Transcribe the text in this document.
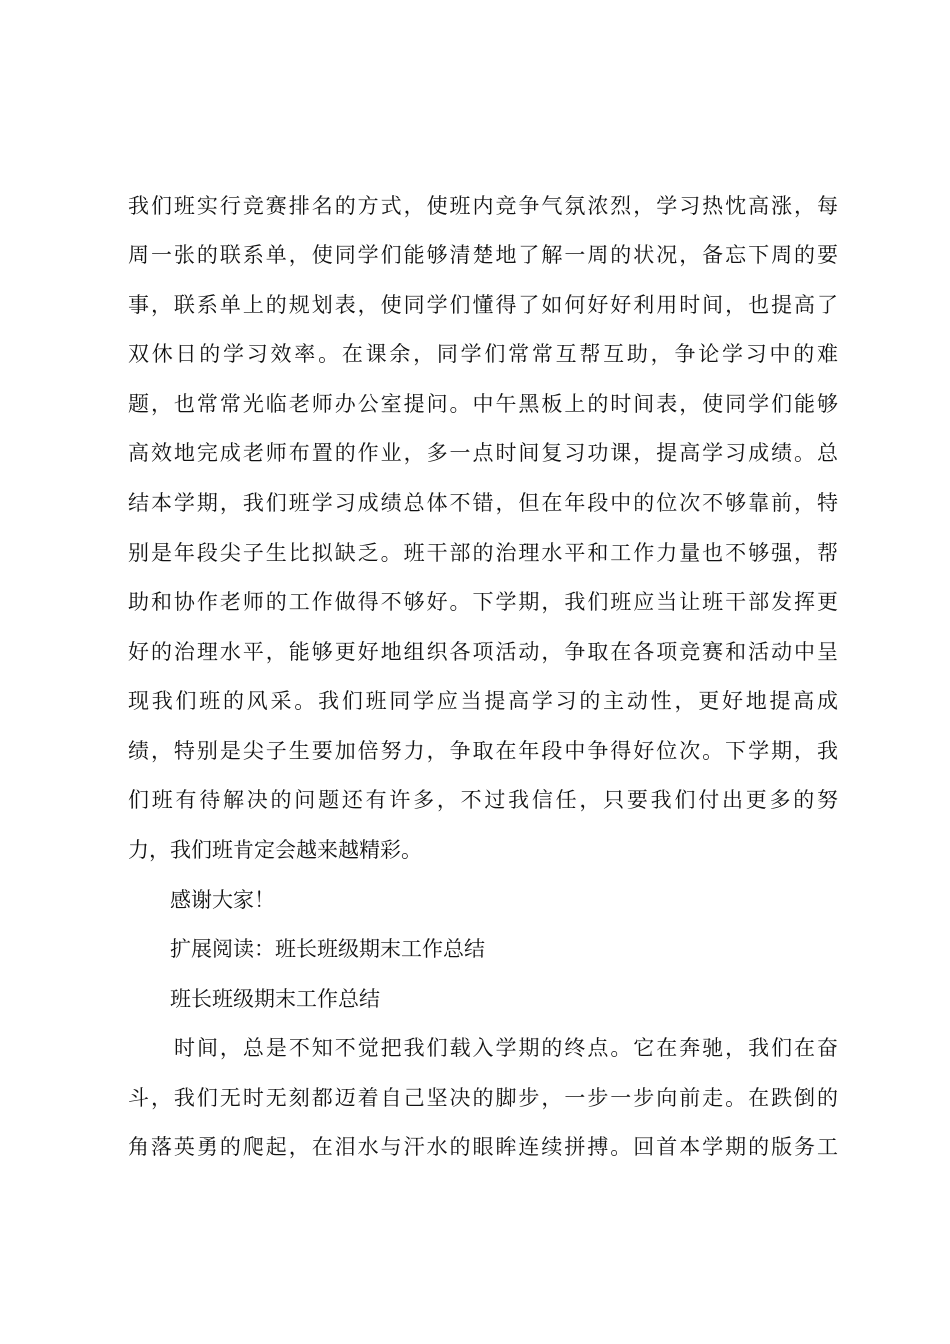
我们班实行竞赛排名的方式，使班内竞争气氛浓烈，学习热忱高涨，每
周一张的联系单，使同学们能够清楚地了解一周的状况，备忘下周的要
事，联系单上的规划表，使同学们懂得了如何好好利用时间，也提高了
双休日的学习效率。在课余，同学们常常互帮互助，争论学习中的难
题，也常常光临老师办公室提问。中午黑板上的时间表，使同学们能够
高效地完成老师布置的作业，多一点时间复习功课，提高学习成绩。总
结本学期，我们班学习成绩总体不错，但在年段中的位次不够靠前，特
别是年段尖子生比拟缺乏。班干部的治理水平和工作力量也不够强，帮
助和协作老师的工作做得不够好。下学期，我们班应当让班干部发挥更
好的治理水平，能够更好地组织各项活动，争取在各项竞赛和活动中呈
现我们班的风采。我们班同学应当提高学习的主动性，更好地提高成
绩，特别是尖子生要加倍努力，争取在年段中争得好位次。下学期，我
们班有待解决的问题还有许多，不过我信任，只要我们付出更多的努
力，我们班肯定会越来越精彩。
感谢大家！
扩展阅读：班长班级期末工作总结
班长班级期末工作总结
时间，总是不知不觉把我们载入学期的终点。它在奔驰，我们在奋
斗，我们无时无刻都迈着自己坚决的脚步，一步一步向前走。在跌倒的
角落英勇的爬起，在泪水与汗水的眼眸连续拼搏。回首本学期的版务工
